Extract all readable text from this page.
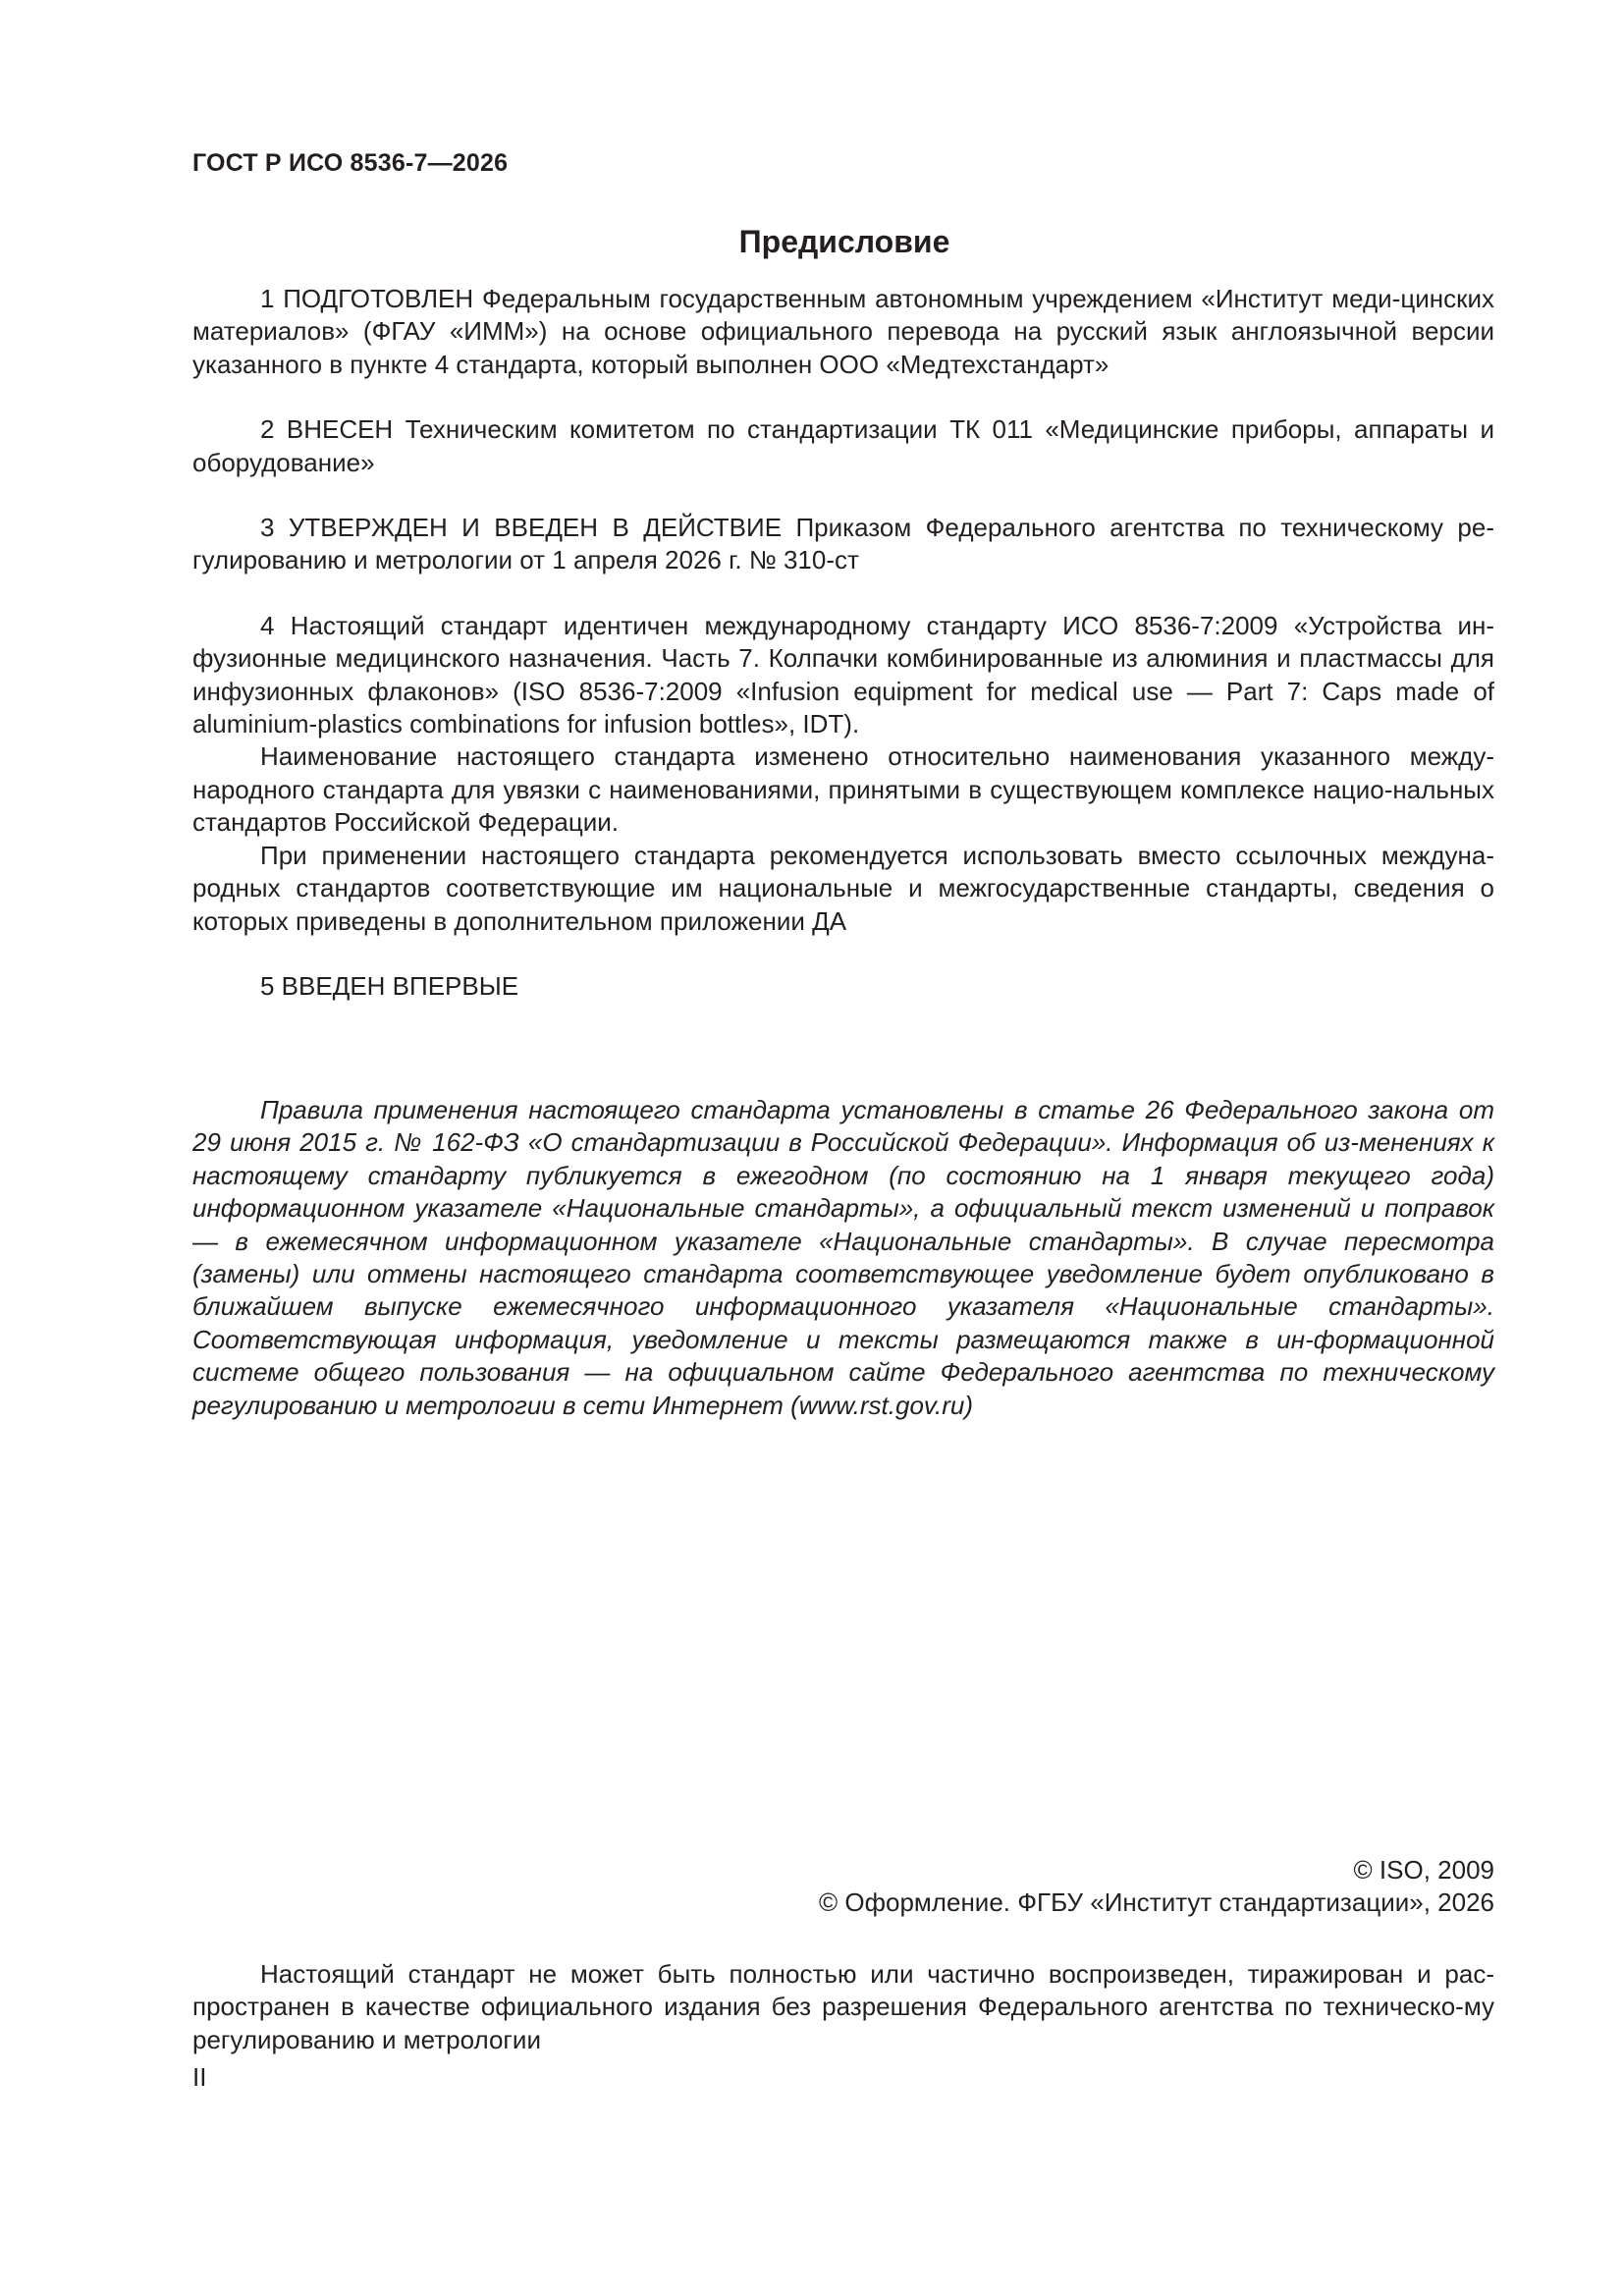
ГОСТ Р ИСО 8536-7—2026
Предисловие

1 ПОДГОТОВЛЕН Федеральным государственным автономным учреждением «Институт меди-цинских материалов» (ФГАУ «ИММ») на основе официального перевода на русский язык англоязычной версии указанного в пункте 4 стандарта, который выполнен ООО «Медтехстандарт»

2 ВНЕСЕН Техническим комитетом по стандартизации ТК 011 «Медицинские приборы, аппараты и оборудование»

3 УТВЕРЖДЕН И ВВЕДЕН В ДЕЙСТВИЕ Приказом Федерального агентства по техническому ре-гулированию и метрологии от 1 апреля 2026 г. № 310-ст

4 Настоящий стандарт идентичен международному стандарту ИСО 8536-7:2009 «Устройства ин-фузионные медицинского назначения. Часть 7. Колпачки комбинированные из алюминия и пластмассы для инфузионных флаконов» (ISO 8536-7:2009 «Infusion equipment for medical use — Part 7: Caps made of aluminium-plastics combinations for infusion bottles», IDT).

Наименование настоящего стандарта изменено относительно наименования указанного между-народного стандарта для увязки с наименованиями, принятыми в существующем комплексе нацио-нальных стандартов Российской Федерации.

При применении настоящего стандарта рекомендуется использовать вместо ссылочных междуна-родных стандартов соответствующие им национальные и межгосударственные стандарты, сведения о которых приведены в дополнительном приложении ДА

5 ВВЕДЕН ВПЕРВЫЕ

Правила применения настоящего стандарта установлены в статье 26 Федерального закона от 29 июня 2015 г. № 162-ФЗ «О стандартизации в Российской Федерации». Информация об из-менениях к настоящему стандарту публикуется в ежегодном (по состоянию на 1 января текущего года) информационном указателе «Национальные стандарты», а официальный текст изменений и поправок — в ежемесячном информационном указателе «Национальные стандарты». В случае пересмотра (замены) или отмены настоящего стандарта соответствующее уведомление будет опубликовано в ближайшем выпуске ежемесячного информационного указателя «Национальные стандарты». Соответствующая информация, уведомление и тексты размещаются также в ин-формационной системе общего пользования — на официальном сайте Федерального агентства по техническому регулированию и метрологии в сети Интернет (www.rst.gov.ru)

© ISO, 2009
© Оформление. ФГБУ «Институт стандартизации», 2026

Настоящий стандарт не может быть полностью или частично воспроизведен, тиражирован и рас-пространен в качестве официального издания без разрешения Федерального агентства по техническо-му регулированию и метрологии

II
